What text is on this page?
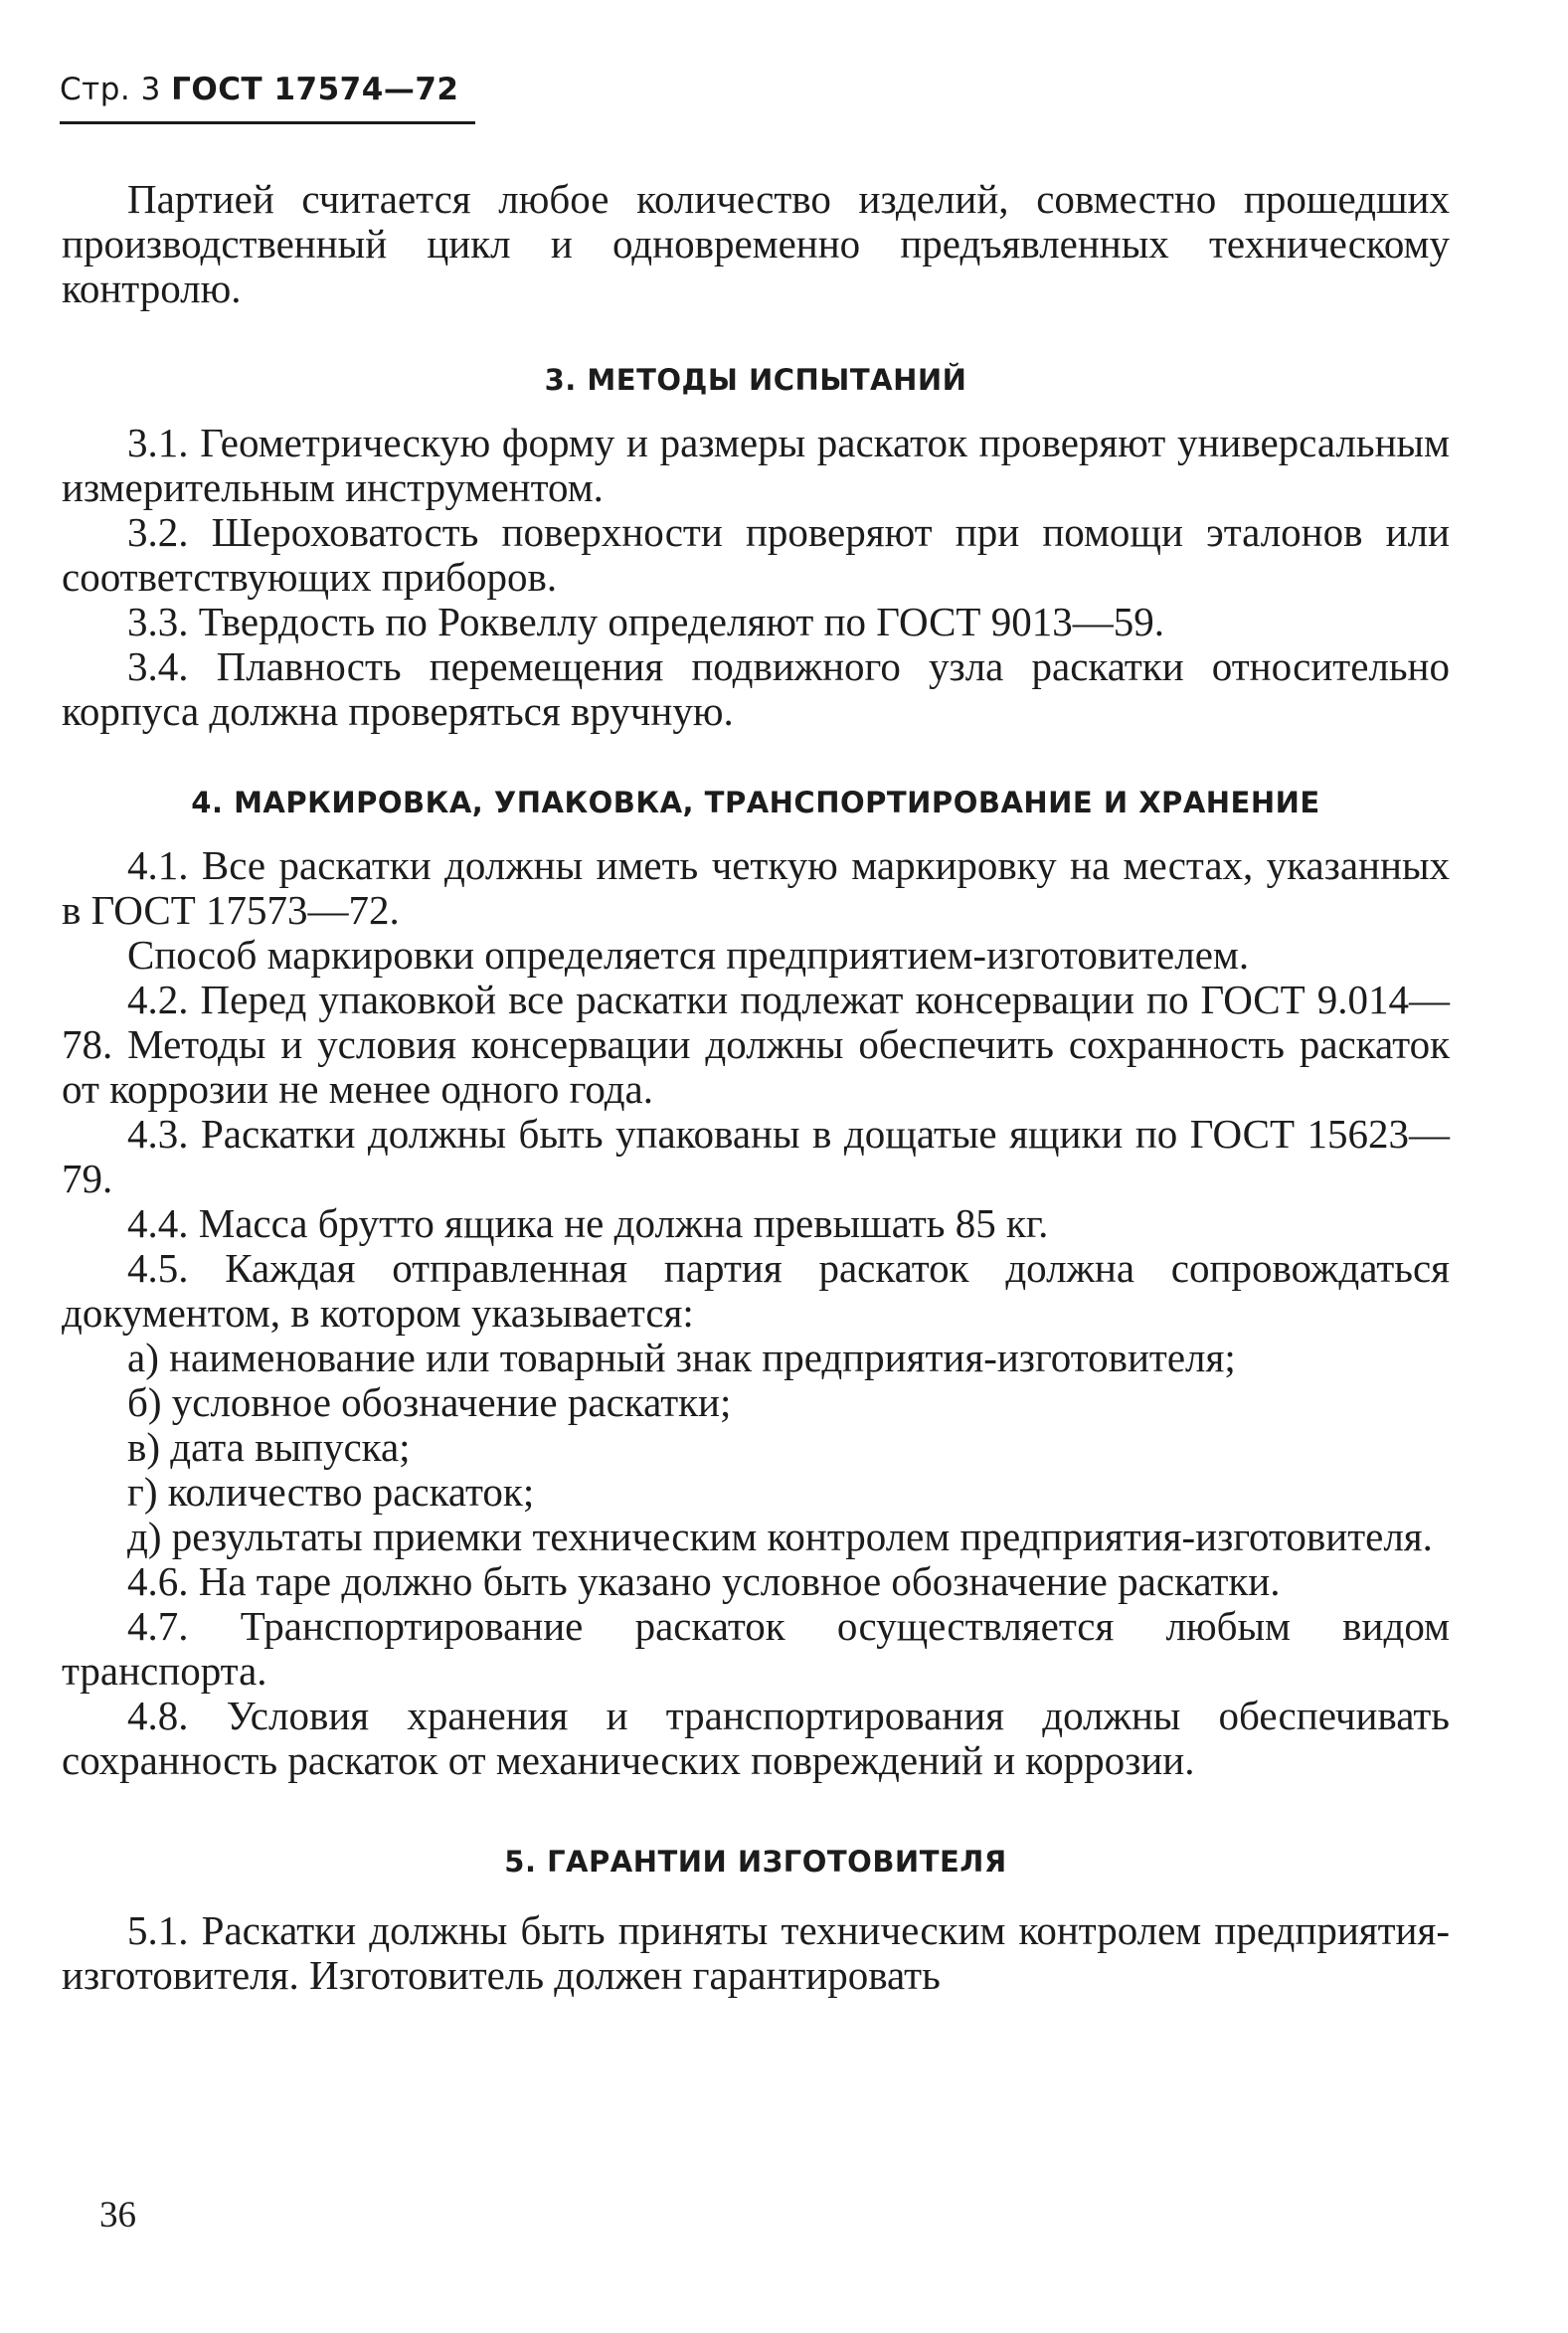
Стр. 3 ГОСТ 17574—72

Партией считается любое количество изделий, совместно прошедших производственный цикл и одновременно предъявленных техническому контролю.

3. МЕТОДЫ ИСПЫТАНИЙ

3.1. Геометрическую форму и размеры раскаток проверяют универсальным измерительным инструментом.

3.2. Шероховатость поверхности проверяют при помощи эталонов или соответствующих приборов.

3.3. Твердость по Роквеллу определяют по ГОСТ 9013—59.

3.4. Плавность перемещения подвижного узла раскатки относительно корпуса должна проверяться вручную.

4. МАРКИРОВКА, УПАКОВКА, ТРАНСПОРТИРОВАНИЕ И ХРАНЕНИЕ

4.1. Все раскатки должны иметь четкую маркировку на местах, указанных в ГОСТ 17573—72.

Способ маркировки определяется предприятием-изготовителем.

4.2. Перед упаковкой все раскатки подлежат консервации по ГОСТ 9.014—78. Методы и условия консервации должны обеспечить сохранность раскаток от коррозии не менее одного года.

4.3. Раскатки должны быть упакованы в дощатые ящики по ГОСТ 15623—79.

4.4. Масса брутто ящика не должна превышать 85 кг.

4.5. Каждая отправленная партия раскаток должна сопровождаться документом, в котором указывается:

а) наименование или товарный знак предприятия-изготовителя;

б) условное обозначение раскатки;

в) дата выпуска;

г) количество раскаток;

д) результаты приемки техническим контролем предприятия-изготовителя.

4.6. На таре должно быть указано условное обозначение раскатки.

4.7. Транспортирование раскаток осуществляется любым видом транспорта.

4.8. Условия хранения и транспортирования должны обеспечивать сохранность раскаток от механических повреждений и коррозии.

5. ГАРАНТИИ ИЗГОТОВИТЕЛЯ

5.1. Раскатки должны быть приняты техническим контролем предприятия-изготовителя. Изготовитель должен гарантировать

36
